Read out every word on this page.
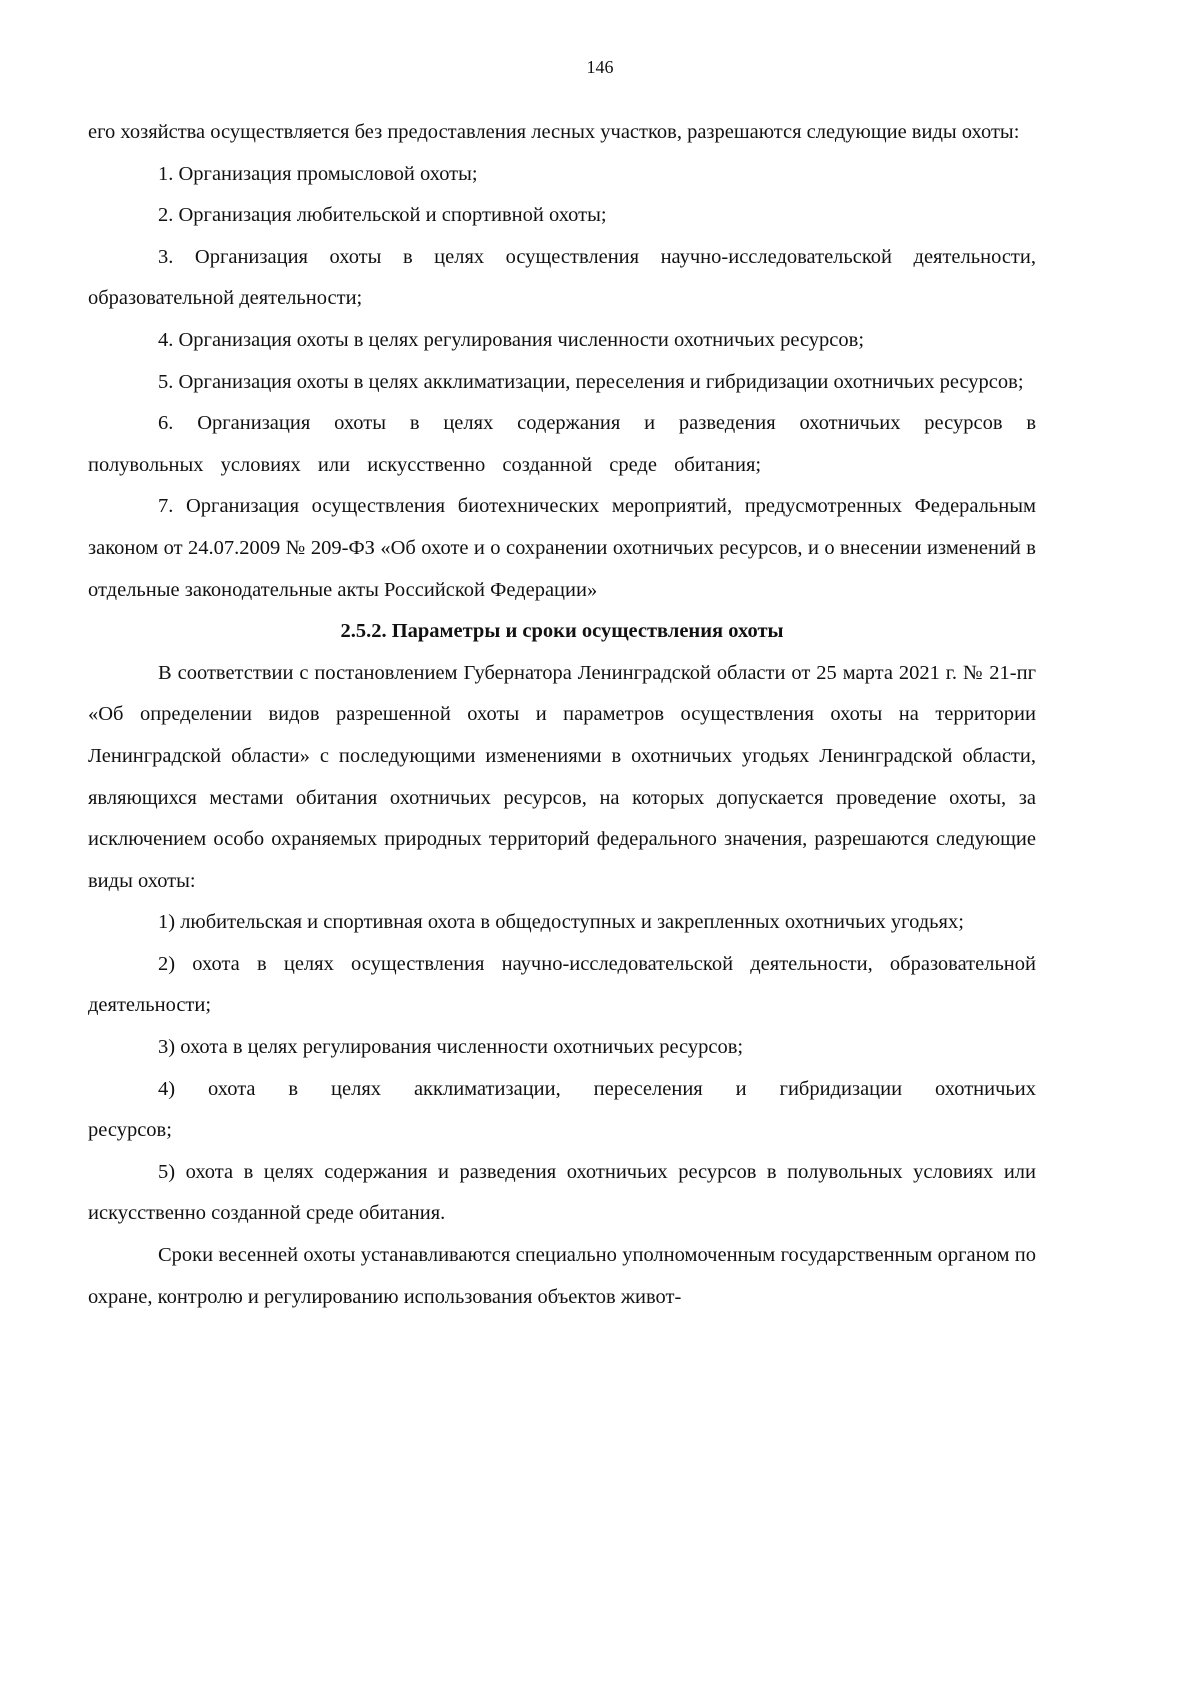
146

его хозяйства осуществляется без предоставления лесных участков, разрешаются следующие виды охоты:

1. Организация промысловой охоты;

2. Организация любительской и спортивной охоты;

3. Организация охоты в целях осуществления научно-исследовательской деятельности, образовательной деятельности;

4. Организация охоты в целях регулирования численности охотничьих ресурсов;

5. Организация охоты в целях акклиматизации, переселения и гибридизации охотничьих ресурсов;

6. Организация охоты в целях содержания и разведения охотничьих ресурсов в полувольных условиях или искусственно созданной среде обитания;

7. Организация осуществления биотехнических мероприятий, предусмотренных Федеральным законом от 24.07.2009 № 209-ФЗ «Об охоте и о сохранении охотничьих ресурсов, и о внесении изменений в отдельные законодательные акты Российской Федерации»

2.5.2. Параметры и сроки осуществления охоты

В соответствии с постановлением Губернатора Ленинградской области от 25 марта 2021 г. № 21-пг «Об определении видов разрешенной охоты и параметров осуществления охоты на территории Ленинградской области» с последующими изменениями в охотничьих угодьях Ленинградской области, являющихся местами обитания охотничьих ресурсов, на которых допускается проведение охоты, за исключением особо охраняемых природных территорий федерального значения, разрешаются следующие виды охоты:

1) любительская и спортивная охота в общедоступных и закрепленных охотничьих угодьях;

2) охота в целях осуществления научно-исследовательской деятельности, образовательной деятельности;

3) охота в целях регулирования численности охотничьих ресурсов;

4) охота в целях акклиматизации, переселения и гибридизации охотничьих ресурсов;

5) охота в целях содержания и разведения охотничьих ресурсов в полувольных условиях или искусственно созданной среде обитания.

Сроки весенней охоты устанавливаются специально уполномоченным государственным органом по охране, контролю и регулированию использования объектов живот-
